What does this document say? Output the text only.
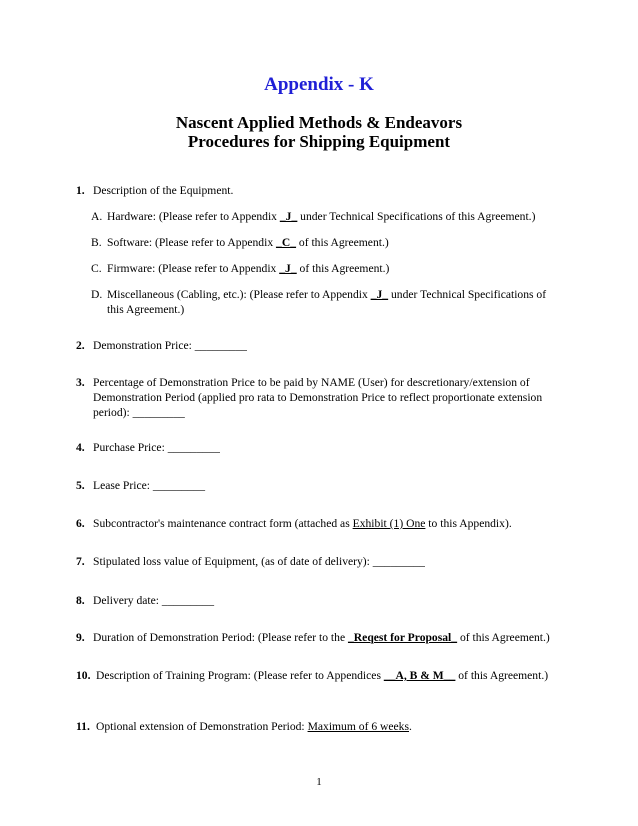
Appendix - K
Nascent Applied Methods & Endeavors
Procedures for Shipping Equipment
1. Description of the Equipment.
A. Hardware: (Please refer to Appendix _J_ under Technical Specifications of this Agreement.)
B. Software: (Please refer to Appendix _C_ of this Agreement.)
C. Firmware: (Please refer to Appendix _J_ of this Agreement.)
D. Miscellaneous (Cabling, etc.): (Please refer to Appendix _J_ under Technical Specifications of this Agreement.)
2. Demonstration Price: _________
3. Percentage of Demonstration Price to be paid by NAME (User) for descretionary/extension of Demonstration Period (applied pro rata to Demonstration Price to reflect proportionate extension period): _________
4. Purchase Price: _________
5. Lease Price: _________
6. Subcontractor's maintenance contract form (attached as Exhibit (1) One to this Appendix).
7. Stipulated loss value of Equipment, (as of date of delivery): _________
8. Delivery date: _________
9. Duration of Demonstration Period: (Please refer to the _Reqest for Proposal_ of this Agreement.)
10. Description of Training Program: (Please refer to Appendices __A, B & M__ of this Agreement.)
11. Optional extension of Demonstration Period: Maximum of 6 weeks.
1
